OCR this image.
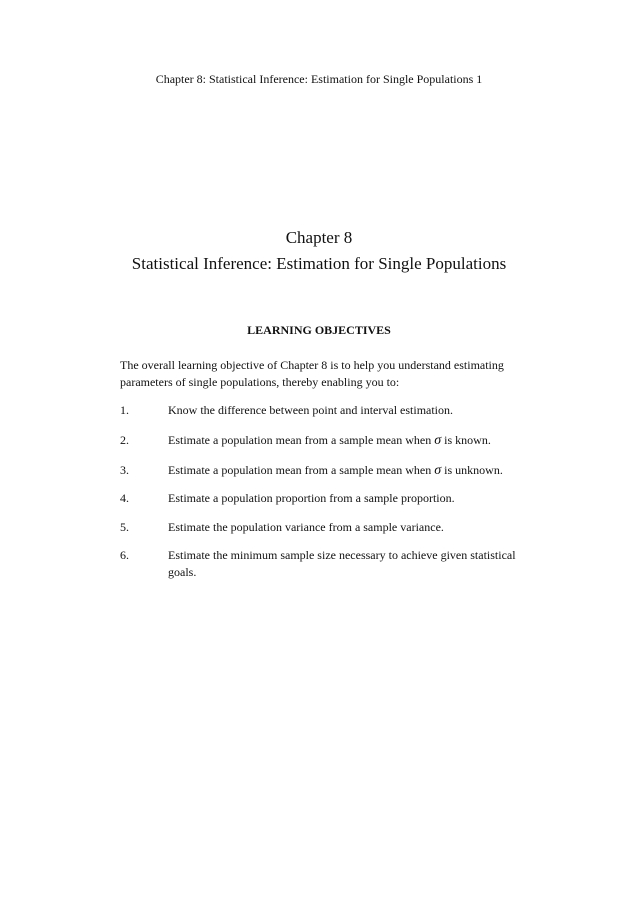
Chapter 8: Statistical Inference: Estimation for Single Populations 1
Chapter 8
Statistical Inference: Estimation for Single Populations
LEARNING OBJECTIVES
The overall learning objective of Chapter 8 is to help you understand estimating parameters of single populations, thereby enabling you to:
1.	Know the difference between point and interval estimation.
2.	Estimate a population mean from a sample mean when σ is known.
3.	Estimate a population mean from a sample mean when σ is unknown.
4.	Estimate a population proportion from a sample proportion.
5.	Estimate the population variance from a sample variance.
6.	Estimate the minimum sample size necessary to achieve given statistical goals.
